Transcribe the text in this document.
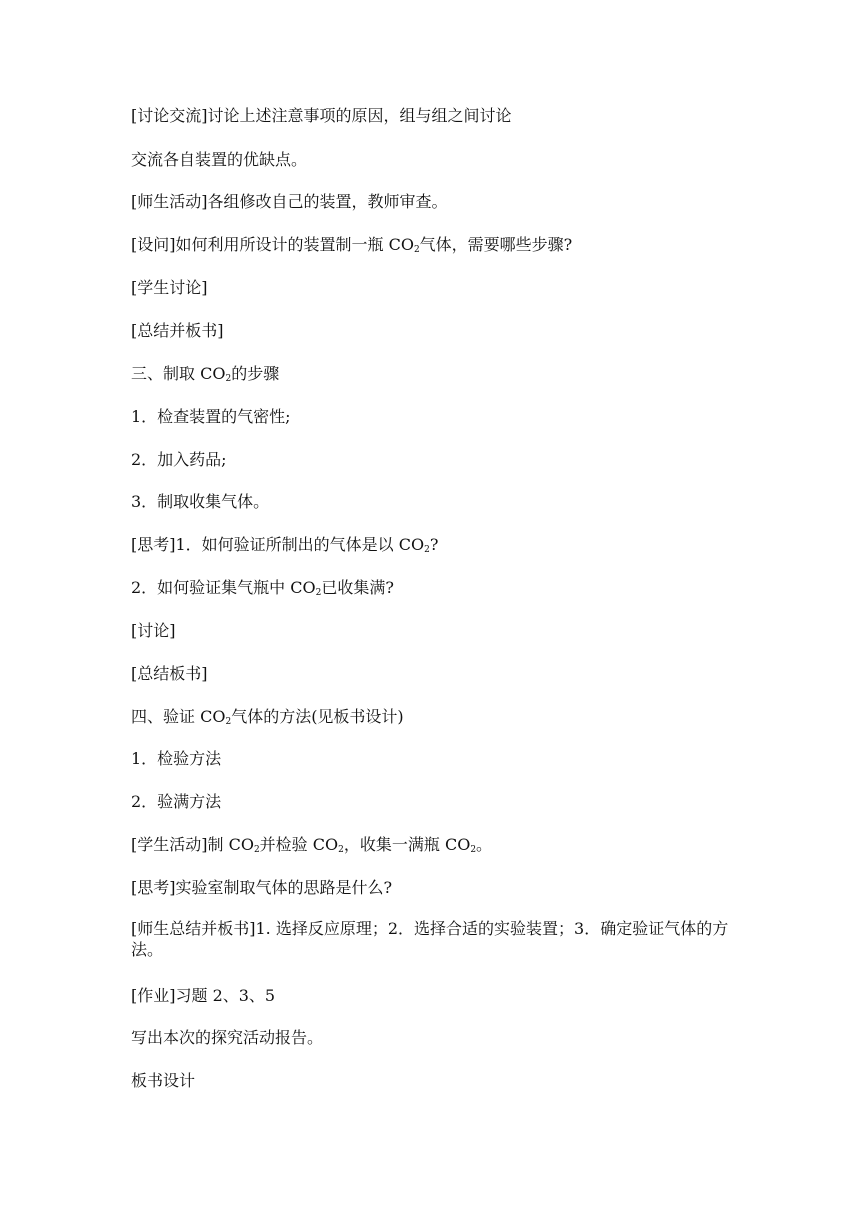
[讨论交流]讨论上述注意事项的原因，组与组之间讨论
交流各自装置的优缺点。
[师生活动]各组修改自己的装置，教师审查。
[设问]如何利用所设计的装置制一瓶 $CO_2$气体，需要哪些步骤?
[学生讨论]
[总结并板书]
三、制取 $CO_2$的步骤
1．检查装置的气密性;
2．加入药品;
3．制取收集气体。
[思考]1．如何验证所制出的气体是以 $CO_2$?
2．如何验证集气瓶中 $CO_2$已收集满?
[讨论]
[总结板书]
四、验证 $CO_2$气体的方法(见板书设计)
1．检验方法
2．验满方法
[学生活动]制 $CO_2$并检验 $CO_2$，收集一满瓶 $CO_2$。
[思考]实验室制取气体的思路是什么?
[师生总结并板书]1. 选择反应原理；2．选择合适的实验装置；3．确定验证气体的方法。
[作业]习题 2、3、5
写出本次的探究活动报告。
板书设计
